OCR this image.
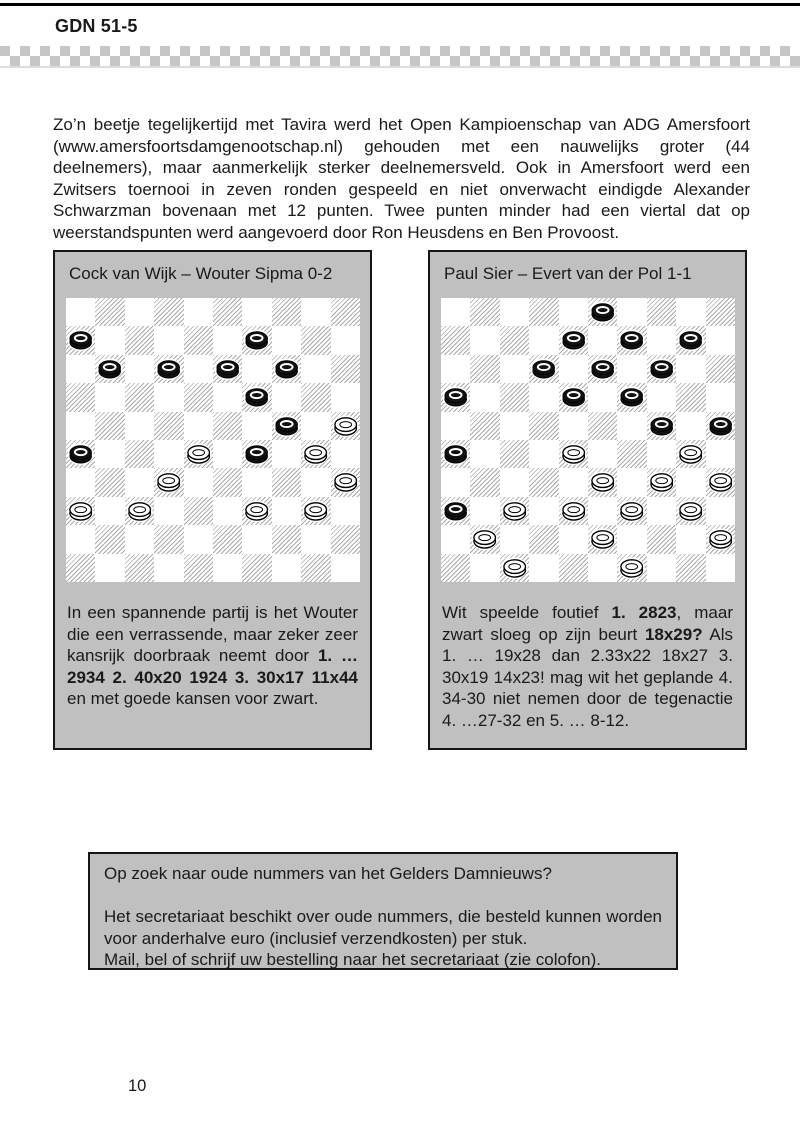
GDN 51-5

Zo’n beetje tegelijkertijd met Tavira werd het Open Kampioenschap van ADG Amersfoort (www.amersfoortsdamgenootschap.nl) gehouden met een nauwelijks groter (44 deelnemers), maar aanmerkelijk sterker deelnemersveld. Ook in Amersfoort werd een Zwitsers toernooi in zeven ronden gespeeld en niet onverwacht eindigde Alexander Schwarzman bovenaan met 12 punten. Twee punten minder had een viertal dat op weerstandspunten werd aangevoerd door Ron Heusdens en Ben Provoost.

Cock van Wijk – Wouter Sipma 0-2
In een spannende partij is het Wouter die een verrassende, maar zeker zeer kansrijk doorbraak neemt door 1. … 2934 2. 40x20 1924 3. 30x17 11x44 en met goede kansen voor zwart.
Paul Sier – Evert van der Pol 1-1
Wit speelde foutief 1. 2823, maar zwart sloeg op zijn beurt 18x29? Als 1. … 19x28 dan 2.33x22 18x27 3. 30x19 14x23! mag wit het geplande 4. 34-30 niet nemen door de tegenactie 4. …27-32 en 5. … 8-12.
Op zoek naar oude nummers van het Gelders Damnieuws?
Het secretariaat beschikt over oude nummers, die besteld kunnen worden voor anderhalve euro (inclusief verzendkosten) per stuk.
Mail, bel of schrijf uw bestelling naar het secretariaat (zie colofon).
10
